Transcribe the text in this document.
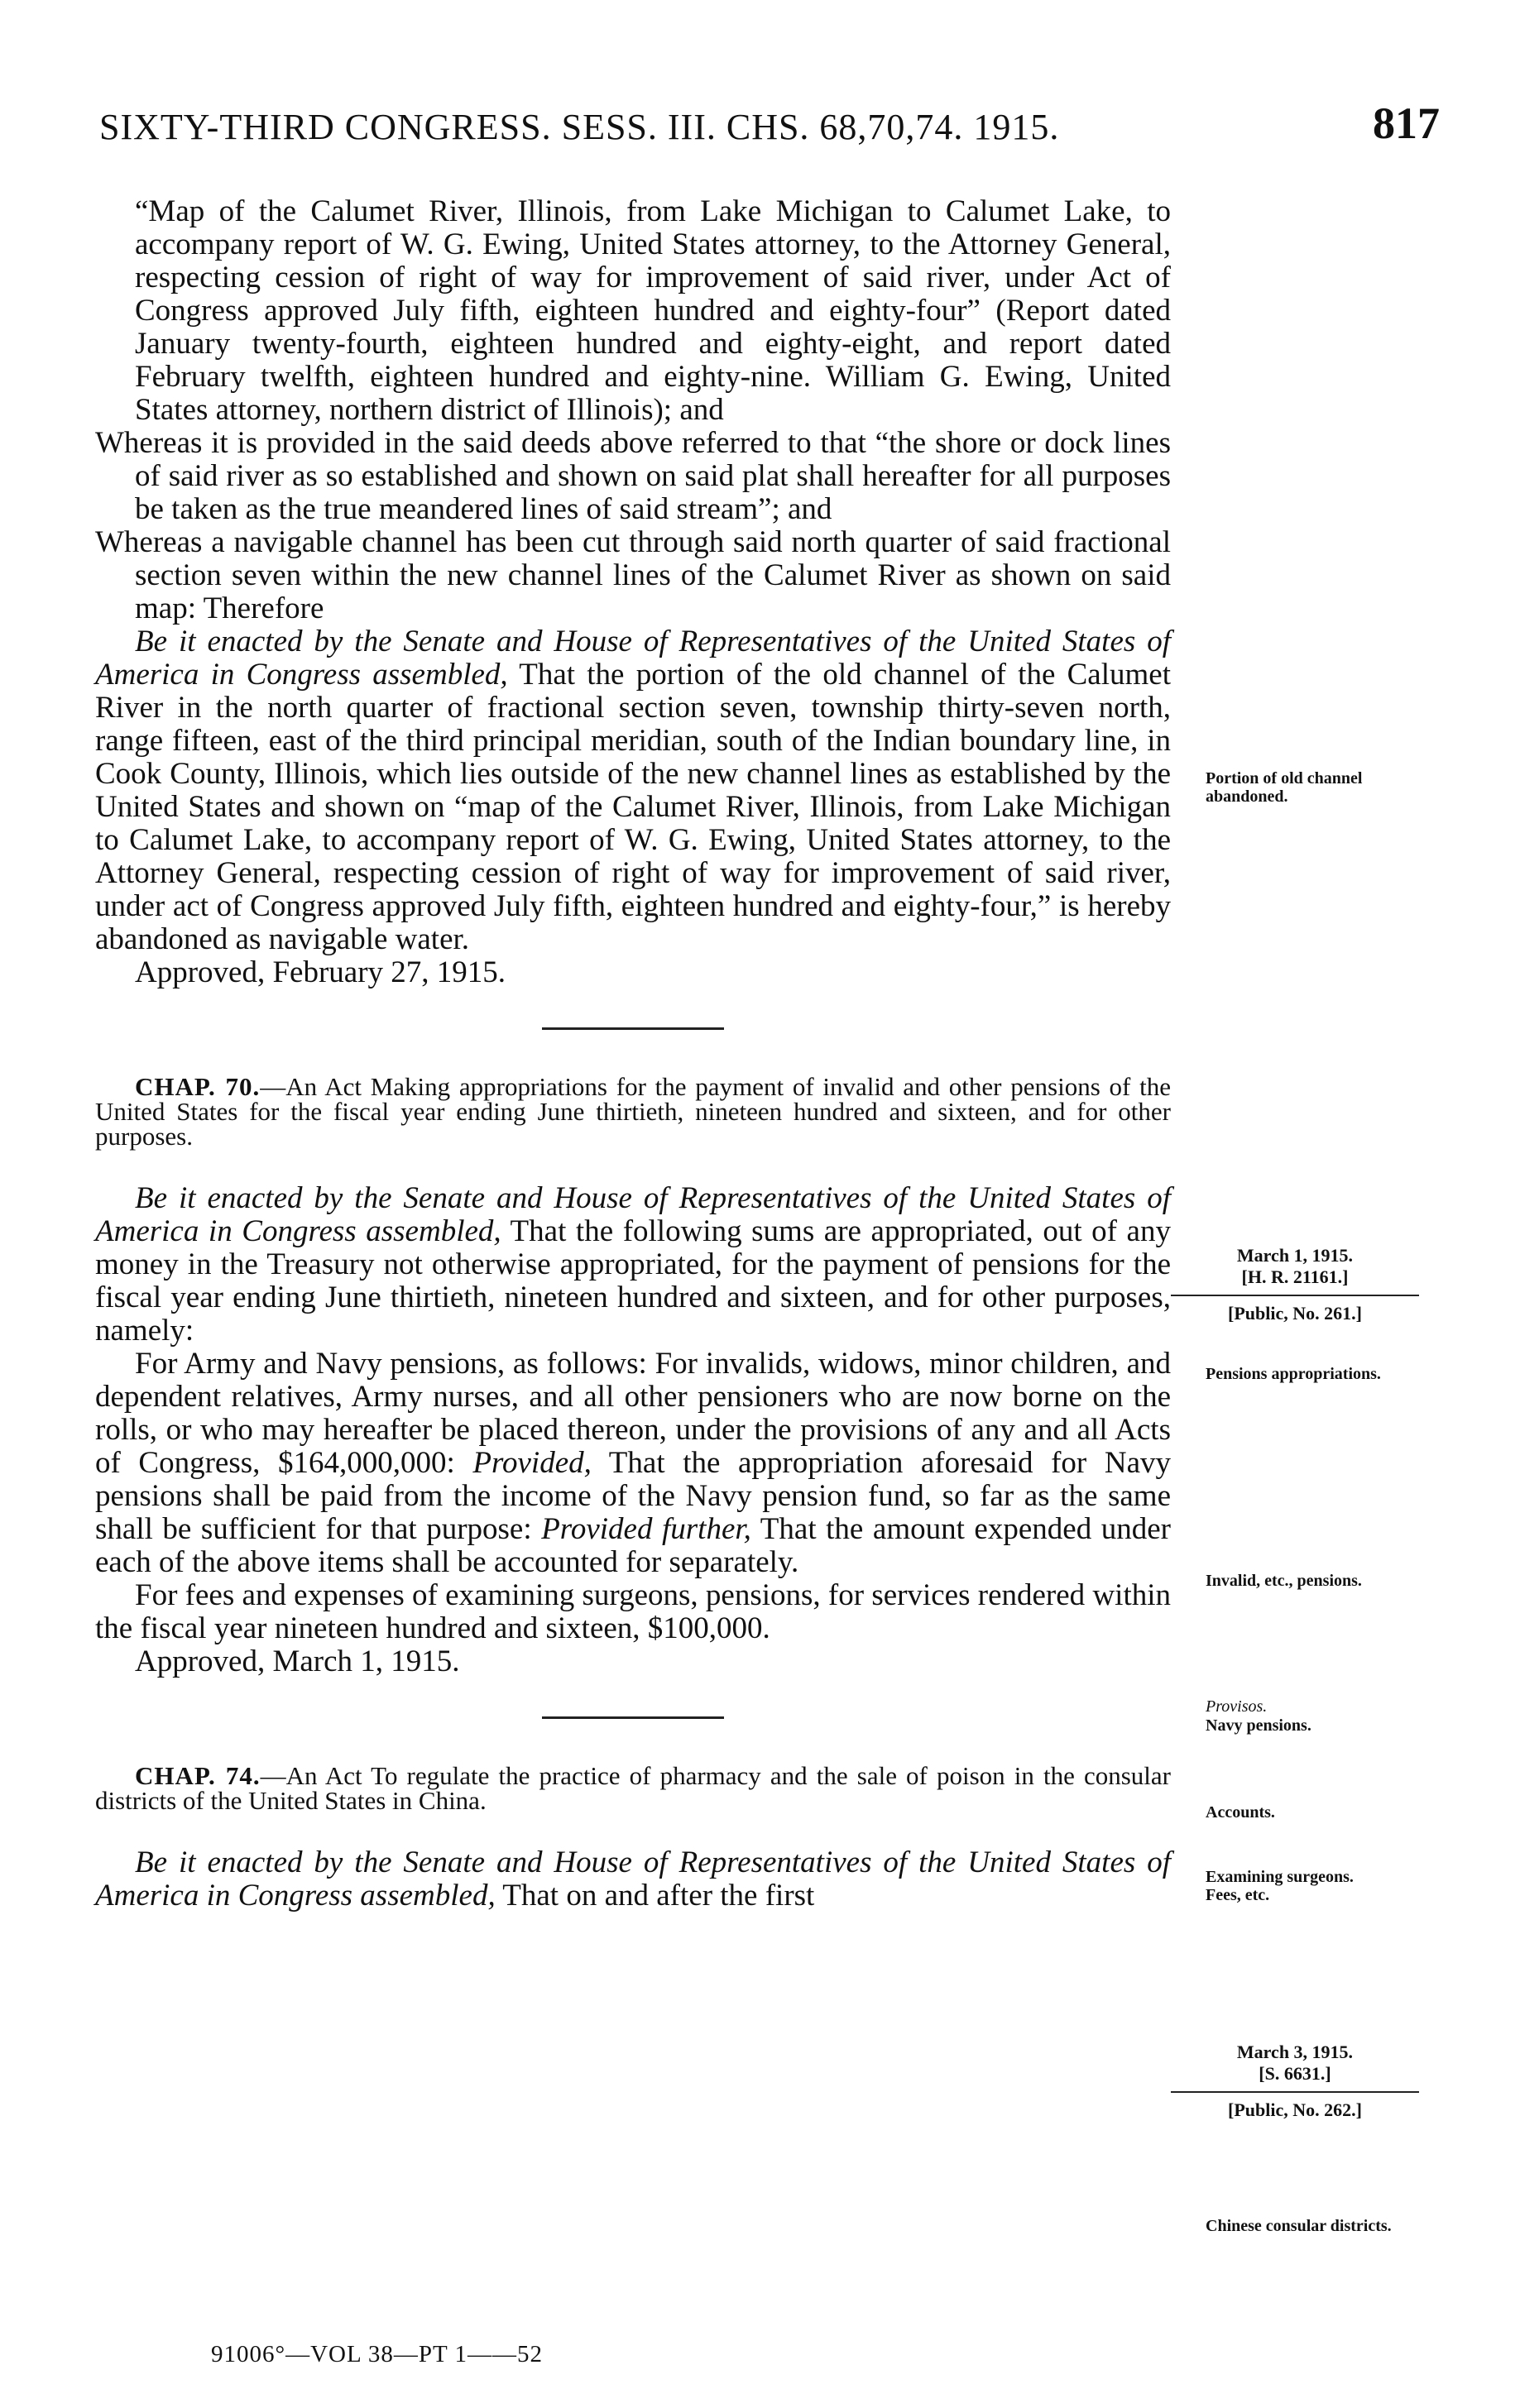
SIXTY-THIRD CONGRESS. SESS. III. CHS. 68,70,74. 1915.	817

“Map of the Calumet River, Illinois, from Lake Michigan to Calumet Lake, to accompany report of W. G. Ewing, United States attorney, to the Attorney General, respecting cession of right of way for improvement of said river, under Act of Congress approved July fifth, eighteen hundred and eighty-four” (Report dated January twenty-fourth, eighteen hundred and eighty-eight, and report dated February twelfth, eighteen hundred and eighty-nine. William G. Ewing, United States attorney, northern district of Illinois); and

Whereas it is provided in the said deeds above referred to that “the shore or dock lines of said river as so established and shown on said plat shall hereafter for all purposes be taken as the true meandered lines of said stream”; and

Whereas a navigable channel has been cut through said north quarter of said fractional section seven within the new channel lines of the Calumet River as shown on said map: Therefore

Be it enacted by the Senate and House of Representatives of the United States of America in Congress assembled, That the portion of the old channel of the Calumet River in the north quarter of fractional section seven, township thirty-seven north, range fifteen, east of the third principal meridian, south of the Indian boundary line, in Cook County, Illinois, which lies outside of the new channel lines as established by the United States and shown on “map of the Calumet River, Illinois, from Lake Michigan to Calumet Lake, to accompany report of W. G. Ewing, United States attorney, to the Attorney General, respecting cession of right of way for improvement of said river, under act of Congress approved July fifth, eighteen hundred and eighty-four,” is hereby abandoned as navigable water.

Approved, February 27, 1915.

CHAP. 70.—An Act Making appropriations for the payment of invalid and other pensions of the United States for the fiscal year ending June thirtieth, nineteen hundred and sixteen, and for other purposes.

Be it enacted by the Senate and House of Representatives of the United States of America in Congress assembled, That the following sums are appropriated, out of any money in the Treasury not otherwise appropriated, for the payment of pensions for the fiscal year ending June thirtieth, nineteen hundred and sixteen, and for other purposes, namely:

For Army and Navy pensions, as follows: For invalids, widows, minor children, and dependent relatives, Army nurses, and all other pensioners who are now borne on the rolls, or who may hereafter be placed thereon, under the provisions of any and all Acts of Congress, $164,000,000: Provided, That the appropriation aforesaid for Navy pensions shall be paid from the income of the Navy pension fund, so far as the same shall be sufficient for that purpose: Provided further, That the amount expended under each of the above items shall be accounted for separately.

For fees and expenses of examining surgeons, pensions, for services rendered within the fiscal year nineteen hundred and sixteen, $100,000.

Approved, March 1, 1915.

CHAP. 74.—An Act To regulate the practice of pharmacy and the sale of poison in the consular districts of the United States in China.

Be it enacted by the Senate and House of Representatives of the United States of America in Congress assembled, That on and after the first

Portion of old channel abandoned.
March 1, 1915.
[H. R. 21161.]
[Public, No. 261.]
Pensions appropriations.
Invalid, etc., pensions.
Provisos.
Navy pensions.
Accounts.
Examining surgeons.
Fees, etc.
March 3, 1915.
[S. 6631.]
[Public, No. 262.]
Chinese consular districts.
91006°—VOL 38—PT 1——52
